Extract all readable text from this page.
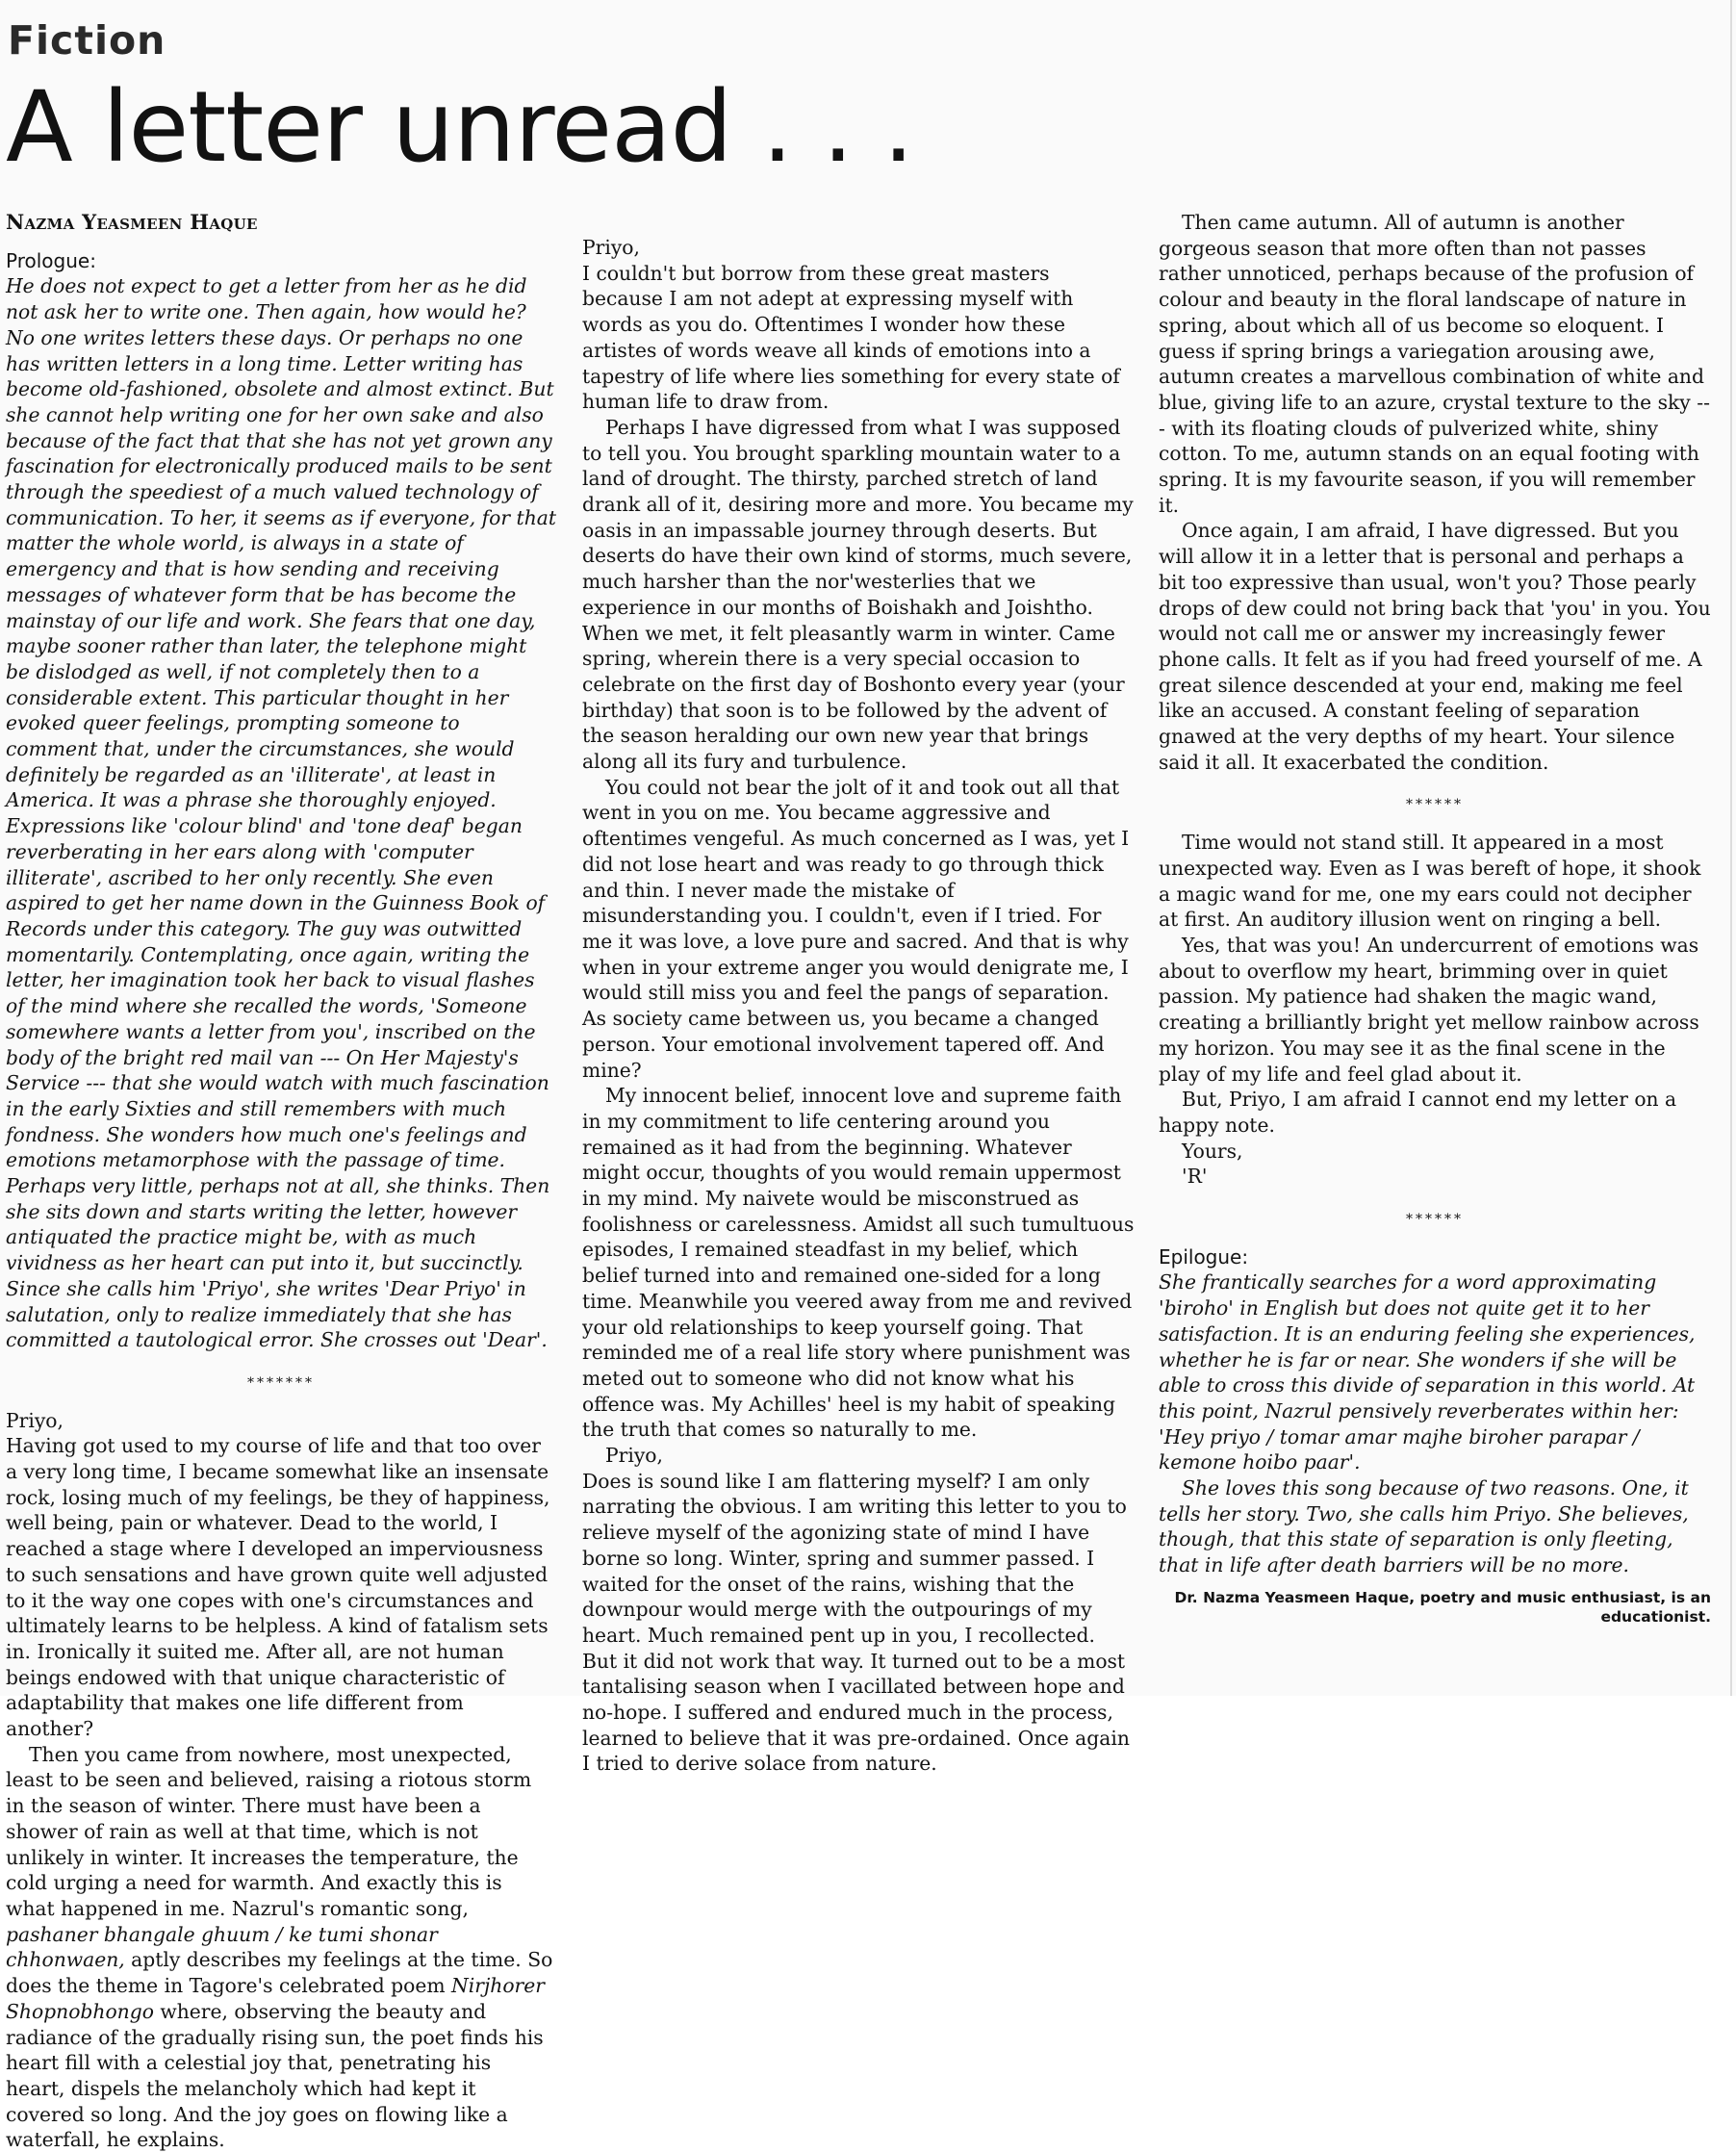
Fiction
A letter unread . . .

Nazma Yeasmeen Haque

Prologue:

He does not expect to get a letter from her as he did not ask her to write one. Then again, how would he? No one writes letters these days. Or perhaps no one has written letters in a long time. Letter writing has become old-fashioned, obsolete and almost extinct. But she cannot help writing one for her own sake and also because of the fact that that she has not yet grown any fascination for electronically produced mails to be sent through the speediest of a much valued technology of communication. To her, it seems as if everyone, for that matter the whole world, is always in a state of emergency and that is how sending and receiving messages of whatever form that be has become the mainstay of our life and work. She fears that one day, maybe sooner rather than later, the telephone might be dislodged as well, if not completely then to a considerable extent. This particular thought in her evoked queer feelings, prompting someone to comment that, under the circumstances, she would definitely be regarded as an 'illiterate', at least in America. It was a phrase she thoroughly enjoyed. Expressions like 'colour blind' and 'tone deaf' began reverberating in her ears along with 'computer illiterate', ascribed to her only recently. She even aspired to get her name down in the Guinness Book of Records under this category. The guy was outwitted momentarily. Contemplating, once again, writing the letter, her imagination took her back to visual flashes of the mind where she recalled the words, 'Someone somewhere wants a letter from you', inscribed on the body of the bright red mail van --- On Her Majesty's Service --- that she would watch with much fascination in the early Sixties and still remembers with much fondness. She wonders how much one's feelings and emotions metamorphose with the passage of time. Perhaps very little, perhaps not at all, she thinks. Then she sits down and starts writing the letter, however antiquated the practice might be, with as much vividness as her heart can put into it, but succinctly. Since she calls him 'Priyo', she writes 'Dear Priyo' in salutation, only to realize immediately that she has committed a tautological error. She crosses out 'Dear'.

*******

Priyo,

Having got used to my course of life and that too over a very long time, I became somewhat like an insensate rock, losing much of my feelings, be they of happiness, well being, pain or whatever. Dead to the world, I reached a stage where I developed an imperviousness to such sensations and have grown quite well adjusted to it the way one copes with one's circumstances and ultimately learns to be helpless. A kind of fatalism sets in. Ironically it suited me. After all, are not human beings endowed with that unique characteristic of adaptability that makes one life different from another?

Then you came from nowhere, most unexpected, least to be seen and believed, raising a riotous storm in the season of winter. There must have been a shower of rain as well at that time, which is not unlikely in winter. It increases the temperature, the cold urging a need for warmth. And exactly this is what happened in me. Nazrul's romantic song, pashaner bhangale ghuum / ke tumi shonar chhonwaen, aptly describes my feelings at the time. So does the theme in Tagore's celebrated poem Nirjhorer Shopnobhongo where, observing the beauty and radiance of the gradually rising sun, the poet finds his heart fill with a celestial joy that, penetrating his heart, dispels the melancholy which had kept it covered so long. And the joy goes on flowing like a waterfall, he explains.

Priyo,

I couldn't but borrow from these great masters because I am not adept at expressing myself with words as you do. Oftentimes I wonder how these artistes of words weave all kinds of emotions into a tapestry of life where lies something for every state of human life to draw from.

Perhaps I have digressed from what I was supposed to tell you. You brought sparkling mountain water to a land of drought. The thirsty, parched stretch of land drank all of it, desiring more and more. You became my oasis in an impassable journey through deserts. But deserts do have their own kind of storms, much severe, much harsher than the nor'westerlies that we experience in our months of Boishakh and Joishtho. When we met, it felt pleasantly warm in winter. Came spring, wherein there is a very special occasion to celebrate on the first day of Boshonto every year (your birthday) that soon is to be followed by the advent of the season heralding our own new year that brings along all its fury and turbulence.

You could not bear the jolt of it and took out all that went in you on me. You became aggressive and oftentimes vengeful. As much concerned as I was, yet I did not lose heart and was ready to go through thick and thin. I never made the mistake of misunderstanding you. I couldn't, even if I tried. For me it was love, a love pure and sacred. And that is why when in your extreme anger you would denigrate me, I would still miss you and feel the pangs of separation. As society came between us, you became a changed person. Your emotional involvement tapered off. And mine?

My innocent belief, innocent love and supreme faith in my commitment to life centering around you remained as it had from the beginning. Whatever might occur, thoughts of you would remain uppermost in my mind. My naivete would be misconstrued as foolishness or carelessness. Amidst all such tumultuous episodes, I remained steadfast in my belief, which belief turned into and remained one-sided for a long time. Meanwhile you veered away from me and revived your old relationships to keep yourself going. That reminded me of a real life story where punishment was meted out to someone who did not know what his offence was. My Achilles' heel is my habit of speaking the truth that comes so naturally to me.

Priyo,

Does is sound like I am flattering myself? I am only narrating the obvious. I am writing this letter to you to relieve myself of the agonizing state of mind I have borne so long. Winter, spring and summer passed. I waited for the onset of the rains, wishing that the downpour would merge with the outpourings of my heart. Much remained pent up in you, I recollected. But it did not work that way. It turned out to be a most tantalising season when I vacillated between hope and no-hope. I suffered and endured much in the process, learned to believe that it was pre-ordained. Once again I tried to derive solace from nature.

Then came autumn. All of autumn is another gorgeous season that more often than not passes rather unnoticed, perhaps because of the profusion of colour and beauty in the floral landscape of nature in spring, about which all of us become so eloquent. I guess if spring brings a variegation arousing awe, autumn creates a marvellous combination of white and blue, giving life to an azure, crystal texture to the sky --- with its floating clouds of pulverized white, shiny cotton. To me, autumn stands on an equal footing with spring. It is my favourite season, if you will remember it.

Once again, I am afraid, I have digressed. But you will allow it in a letter that is personal and perhaps a bit too expressive than usual, won't you? Those pearly drops of dew could not bring back that 'you' in you. You would not call me or answer my increasingly fewer phone calls. It felt as if you had freed yourself of me. A great silence descended at your end, making me feel like an accused. A constant feeling of separation gnawed at the very depths of my heart. Your silence said it all. It exacerbated the condition.

******

Time would not stand still. It appeared in a most unexpected way. Even as I was bereft of hope, it shook a magic wand for me, one my ears could not decipher at first. An auditory illusion went on ringing a bell.

Yes, that was you! An undercurrent of emotions was about to overflow my heart, brimming over in quiet passion. My patience had shaken the magic wand, creating a brilliantly bright yet mellow rainbow across my horizon. You may see it as the final scene in the play of my life and feel glad about it.

But, Priyo, I am afraid I cannot end my letter on a happy note.

Yours,

'R'

******

Epilogue:

She frantically searches for a word approximating 'biroho' in English but does not quite get it to her satisfaction. It is an enduring feeling she experiences, whether he is far or near. She wonders if she will be able to cross this divide of separation in this world. At this point, Nazrul pensively reverberates within her: 'Hey priyo / tomar amar majhe biroher parapar / kemone hoibo paar'.

She loves this song because of two reasons. One, it tells her story. Two, she calls him Priyo. She believes, though, that this state of separation is only fleeting, that in life after death barriers will be no more.

Dr. Nazma Yeasmeen Haque, poetry and music enthusiast, is an educationist.
